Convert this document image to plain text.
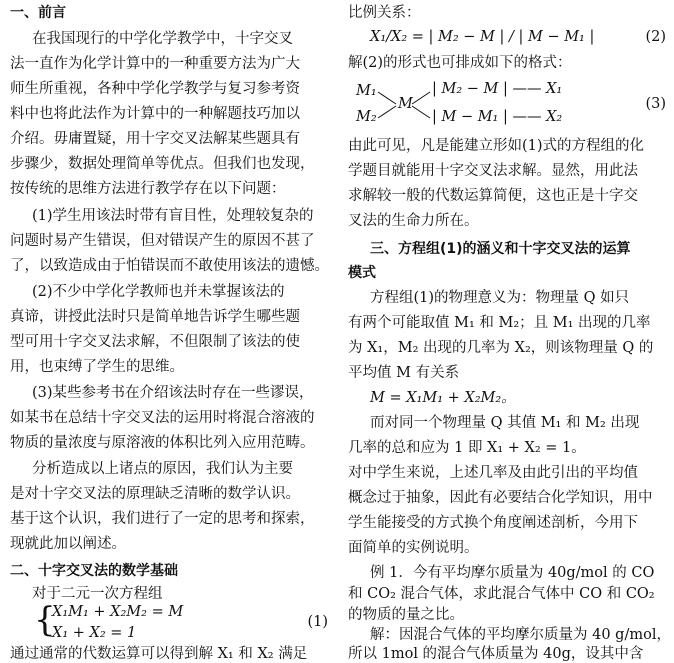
一、前言
在我国现行的中学化学教学中，十字交叉
法一直作为化学计算中的一种重要方法为广大
师生所重视，各种中学化学教学与复习参考资
料中也将此法作为计算中的一种解题技巧加以
介绍。毋庸置疑，用十字交叉法解某些题具有
步骤少，数据处理简单等优点。但我们也发现，
按传统的思维方法进行教学存在以下问题：
(1)学生用该法时带有盲目性，处理较复杂的
问题时易产生错误，但对错误产生的原因不甚了
了，以致造成由于怕错误而不敢使用该法的遗憾。
(2)不少中学化学教师也并未掌握该法的
真谛，讲授此法时只是简单地告诉学生哪些题
型可用十字交叉法求解，不但限制了该法的使
用，也束缚了学生的思维。
(3)某些参考书在介绍该法时存在一些谬误，
如某书在总结十字交叉法的运用时将混合溶液的
物质的量浓度与原溶液的体积比列入应用范畴。
分析造成以上诸点的原因，我们认为主要
是对十字交叉法的原理缺乏清晰的数学认识。
基于这个认识，我们进行了一定的思考和探索，
现就此加以阐述。
二、十字交叉法的数学基础
对于二元一次方程组
{
X₁M₁ + X₂M₂ = M
X₁ + X₂ = 1
(1)
通过通常的代数运算可以得到解 X₁ 和 X₂ 满足
比例关系：
X₁/X₂ = | M₂ − M | / | M − M₁ |	(2)
解(2)的形式也可排成如下的格式：
M₁
M₂
M
| M₂ − M | —— X₁
| M − M₁ | —— X₂
(3)
由此可见，凡是能建立形如(1)式的方程组的化
学题目就能用十字交叉法求解。显然，用此法
求解较一般的代数运算简便，这也正是十字交
叉法的生命力所在。
三、方程组(1)的涵义和十字交叉法的运算
模式
方程组(1)的物理意义为：物理量 Q 如只
有两个可能取值 M₁ 和 M₂；且 M₁ 出现的几率
为 X₁，M₂ 出现的几率为 X₂，则该物理量 Q 的
平均值 M 有关系
M = X₁M₁ + X₂M₂。
而对同一个物理量 Q 其值 M₁ 和 M₂ 出现
几率的总和应为 1 即 X₁ + X₂ = 1。
对中学生来说，上述几率及由此引出的平均值
概念过于抽象，因此有必要结合化学知识，用中
学生能接受的方式换个角度阐述剖析，今用下
面简单的实例说明。
例 1．今有平均摩尔质量为 40g/mol 的 CO
和 CO₂ 混合气体，求此混合气体中 CO 和 CO₂
的物质的量之比。
解：因混合气体的平均摩尔质量为 40 g/mol，
所以 1mol 的混合气体质量为 40g，设其中含
